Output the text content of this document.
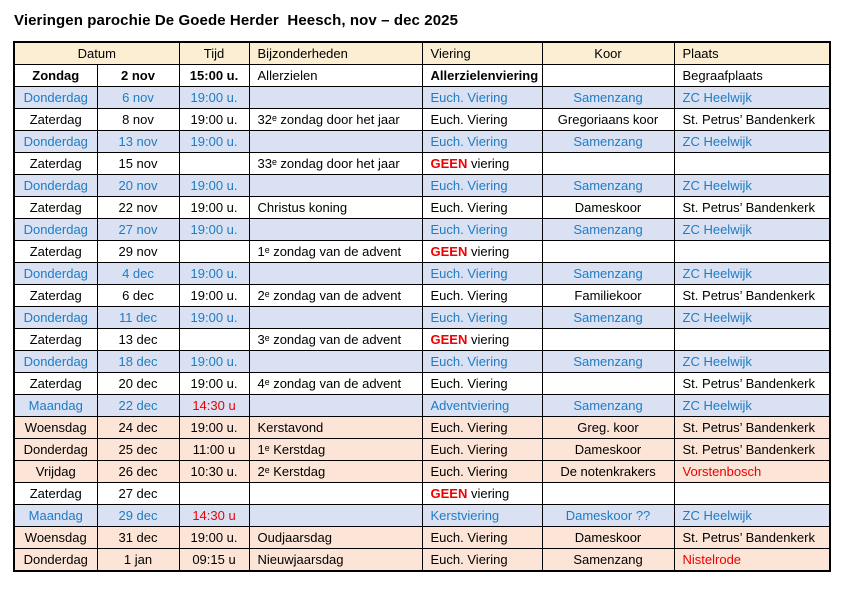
Vieringen parochie De Goede Herder  Heesch, nov – dec 2025
Datum		Tijd	Bijzonderheden	Viering	Koor	Plaats
Zondag	2 nov	15:00 u.	Allerzielen	Allerzielenviering		Begraafplaats
Donderdag	6 nov	19:00 u.		Euch. Viering	Samenzang	ZC Heelwijk
Zaterdag	8 nov	19:00 u.	32ᵉ zondag door het jaar	Euch. Viering	Gregoriaans koor	St. Petrus’ Bandenkerk
Donderdag	13 nov	19:00 u.		Euch. Viering	Samenzang	ZC Heelwijk
Zaterdag	15 nov		33ᵉ zondag door het jaar	GEEN viering		
Donderdag	20 nov	19:00 u.		Euch. Viering	Samenzang	ZC Heelwijk
Zaterdag	22 nov	19:00 u.	Christus koning	Euch. Viering	Dameskoor	St. Petrus’ Bandenkerk
Donderdag	27 nov	19:00 u.		Euch. Viering	Samenzang	ZC Heelwijk
Zaterdag	29 nov		1ᵉ zondag van de advent	GEEN viering		
Donderdag	4 dec	19:00 u.		Euch. Viering	Samenzang	ZC Heelwijk
Zaterdag	6 dec	19:00 u.	2ᵉ zondag van de advent	Euch. Viering	Familiekoor	St. Petrus’ Bandenkerk
Donderdag	11 dec	19:00 u.		Euch. Viering	Samenzang	ZC Heelwijk
Zaterdag	13 dec		3ᵉ zondag van de advent	GEEN viering		
Donderdag	18 dec	19:00 u.		Euch. Viering	Samenzang	ZC Heelwijk
Zaterdag	20 dec	19:00 u.	4ᵉ zondag van de advent	Euch. Viering		St. Petrus’ Bandenkerk
Maandag	22 dec	14:30 u		Adventviering	Samenzang	ZC Heelwijk
Woensdag	24 dec	19:00 u.	Kerstavond	Euch. Viering	Greg. koor	St. Petrus’ Bandenkerk
Donderdag	25 dec	11:00 u	1ᵉ Kerstdag	Euch. Viering	Dameskoor	St. Petrus’ Bandenkerk
Vrijdag	26 dec	10:30 u.	2ᵉ Kerstdag	Euch. Viering	De notenkrakers	Vorstenbosch
Zaterdag	27 dec			GEEN viering		
Maandag	29 dec	14:30 u		Kerstviering	Dameskoor ??	ZC Heelwijk
Woensdag	31 dec	19:00 u.	Oudjaarsdag	Euch. Viering	Dameskoor	St. Petrus’ Bandenkerk
Donderdag	1 jan	09:15 u	Nieuwjaarsdag	Euch. Viering	Samenzang	Nistelrode
